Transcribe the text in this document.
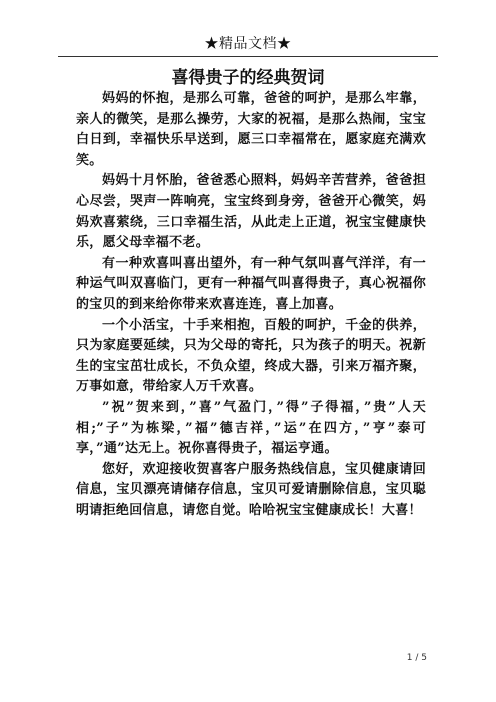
★精品文档★
喜得贵子的经典贺词

妈妈的怀抱，是那么可靠，爸爸的呵护，是那么牢靠，亲人的微笑，是那么操劳，大家的祝福，是那么热闹，宝宝白日到，幸福快乐早送到，愿三口幸福常在，愿家庭充满欢笑。

妈妈十月怀胎，爸爸悉心照料，妈妈辛苦营养，爸爸担心尽尝，哭声一阵响亮，宝宝终到身旁，爸爸开心微笑，妈妈欢喜萦绕，三口幸福生活，从此走上正道，祝宝宝健康快乐，愿父母幸福不老。

有一种欢喜叫喜出望外，有一种气氛叫喜气洋洋，有一种运气叫双喜临门，更有一种福气叫喜得贵子，真心祝福你的宝贝的到来给你带来欢喜连连，喜上加喜。

一个小活宝，十手来相抱，百般的呵护，千金的供养，只为家庭要延续，只为父母的寄托，只为孩子的明天。祝新生的宝宝茁壮成长，不负众望，终成大器，引来万福齐聚，万事如意，带给家人万千欢喜。

”祝”贺来到，”喜”气盈门，”得”子得福，”贵”人天相;”子”为栋梁，”福”德吉祥，”运”在四方，”亨”泰可享，”通”达无上。祝你喜得贵子，福运亨通。

您好，欢迎接收贺喜客户服务热线信息，宝贝健康请回信息，宝贝漂亮请储存信息，宝贝可爱请删除信息，宝贝聪明请拒绝回信息，请您自觉。哈哈祝宝宝健康成长！大喜！

1 / 5
